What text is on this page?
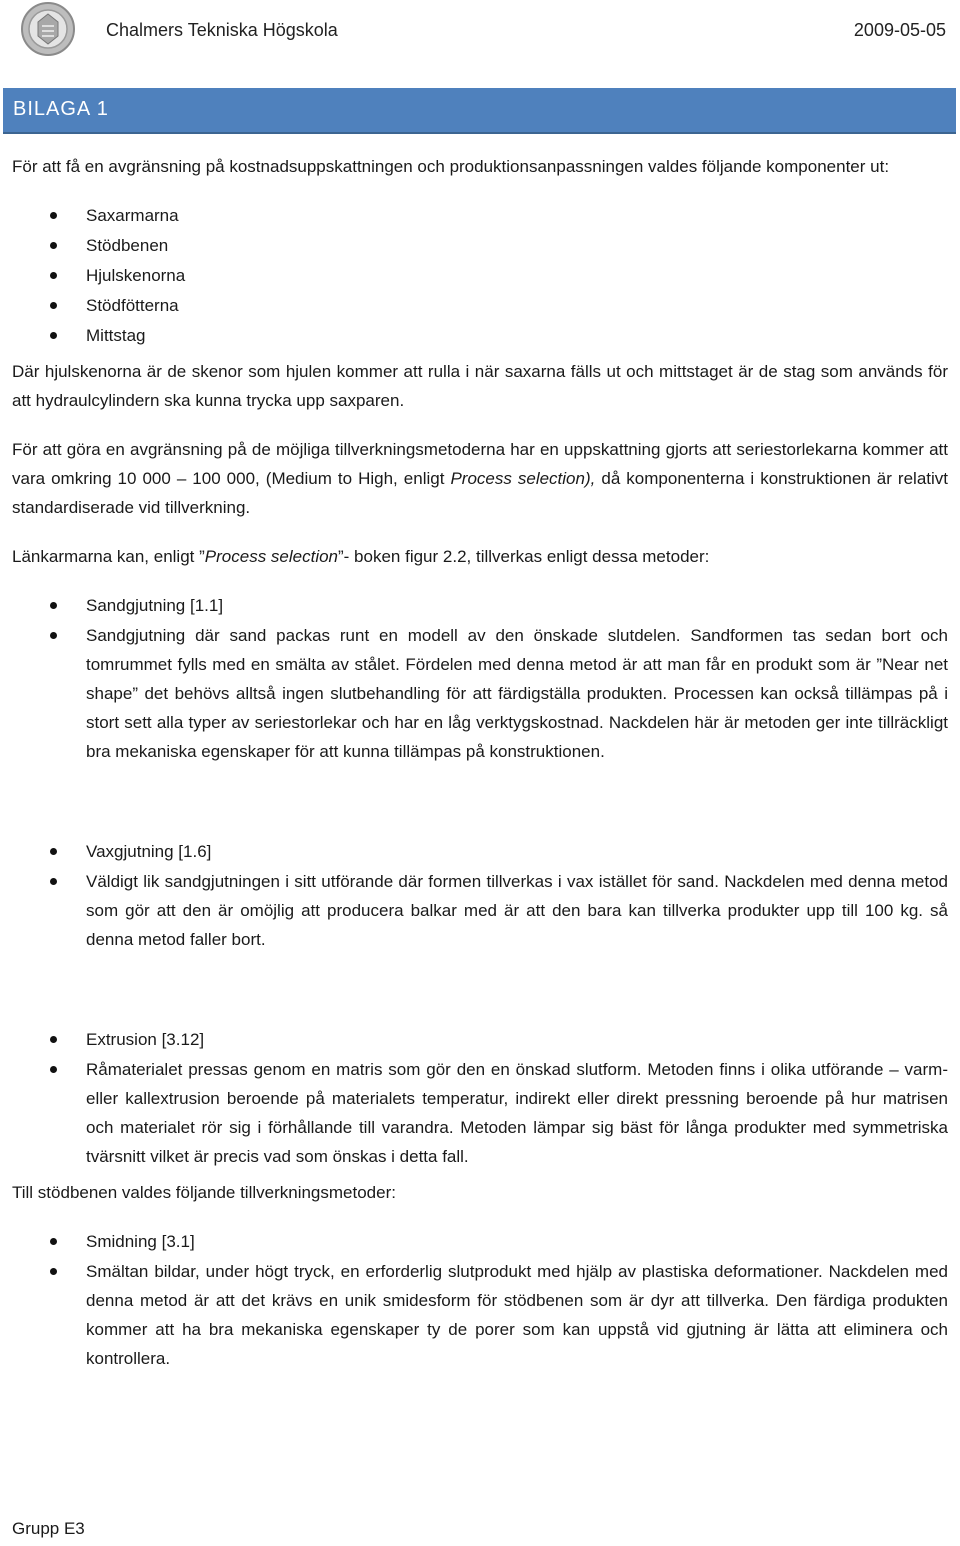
Chalmers Tekniska Högskola	2009-05-05
BILAGA 1

För att få en avgränsning på kostnadsuppskattningen och produktionsanpassningen valdes följande komponenter ut:

Saxarmarna
Stödbenen
Hjulskenorna
Stödfötterna
Mittstag

Där hjulskenorna är de skenor som hjulen kommer att rulla i när saxarna fälls ut och mittstaget är de stag som används för att hydraulcylindern ska kunna trycka upp saxparen.

För att göra en avgränsning på de möjliga tillverkningsmetoderna har en uppskattning gjorts att seriestorlekarna kommer att vara omkring 10 000 – 100 000, (Medium to High, enligt Process selection), då komponenterna i konstruktionen är relativt standardiserade vid tillverkning.

Länkarmarna kan, enligt ”Process selection”- boken figur 2.2, tillverkas enligt dessa metoder:

Sandgjutning [1.1]
Sandgjutning där sand packas runt en modell av den önskade slutdelen. Sandformen tas sedan bort och tomrummet fylls med en smälta av stålet. Fördelen med denna metod är att man får en produkt som är ”Near net shape” det behövs alltså ingen slutbehandling för att färdigställa produkten. Processen kan också tillämpas på i stort sett alla typer av seriestorlekar och har en låg verktygskostnad. Nackdelen här är metoden ger inte tillräckligt bra mekaniska egenskaper för att kunna tillämpas på konstruktionen.
Vaxgjutning [1.6]
Väldigt lik sandgjutningen i sitt utförande där formen tillverkas i vax istället för sand. Nackdelen med denna metod som gör att den är omöjlig att producera balkar med är att den bara kan tillverka produkter upp till 100 kg. så denna metod faller bort.
Extrusion [3.12]
Råmaterialet pressas genom en matris som gör den en önskad slutform. Metoden finns i olika utförande – varm- eller kallextrusion beroende på materialets temperatur, indirekt eller direkt pressning beroende på hur matrisen och materialet rör sig i förhållande till varandra. Metoden lämpar sig bäst för långa produkter med symmetriska tvärsnitt vilket är precis vad som önskas i detta fall.

Till stödbenen valdes följande tillverkningsmetoder:

Smidning [3.1]
Smältan bildar, under högt tryck, en erforderlig slutprodukt med hjälp av plastiska deformationer. Nackdelen med denna metod är att det krävs en unik smidesform för stödbenen som är dyr att tillverka. Den färdiga produkten kommer att ha bra mekaniska egenskaper ty de porer som kan uppstå vid gjutning är lätta att eliminera och kontrollera.
Grupp E3
